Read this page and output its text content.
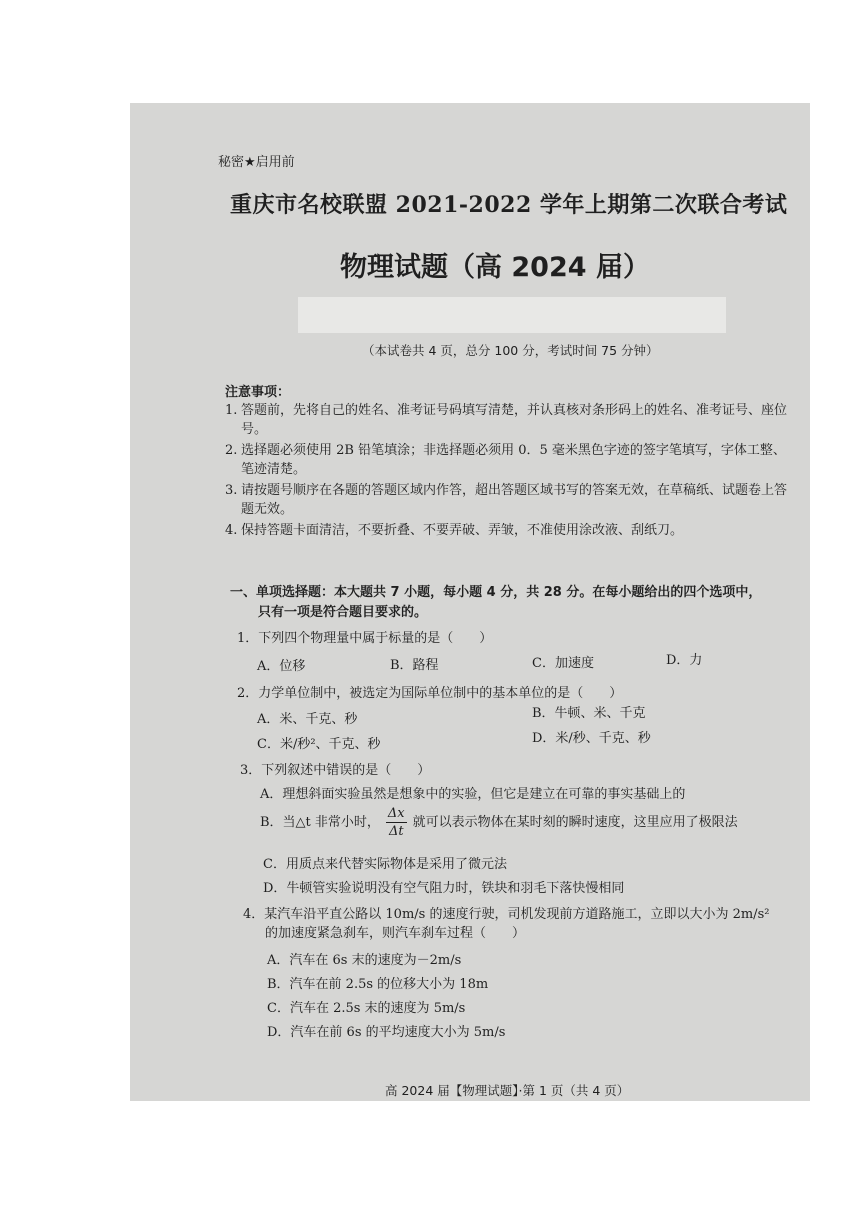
秘密★启用前
重庆市名校联盟 2021-2022 学年上期第二次联合考试
物理试题（高 2024 届）
（本试卷共 4 页，总分 100 分，考试时间 75 分钟）
注意事项：
1. 答题前，先将自己的姓名、准考证号码填写清楚，并认真核对条形码上的姓名、准考证号、座位号。
2. 选择题必须使用 2B 铅笔填涂；非选择题必须用 0．5 毫米黑色字迹的签字笔填写，字体工整、笔迹清楚。
3. 请按题号顺序在各题的答题区域内作答，超出答题区域书写的答案无效，在草稿纸、试题卷上答题无效。
4. 保持答题卡面清洁，不要折叠、不要弄破、弄皱，不准使用涂改液、刮纸刀。
一、单项选择题：本大题共 7 小题，每小题 4 分，共 28 分。在每小题给出的四个选项中，
只有一项是符合题目要求的。
1．下列四个物理量中属于标量的是（　　）
A．位移	B．路程	C．加速度	D．力
2．力学单位制中，被选定为国际单位制中的基本单位的是（　　）
A．米、千克、秒	B．牛顿、米、千克
C．米/秒²、千克、秒	D．米/秒、千克、秒
3．下列叙述中错误的是（　　）
A．理想斜面实验虽然是想象中的实验，但它是建立在可靠的事实基础上的
B．当△t 非常小时， $\frac{\Delta x}{\Delta t}$ 就可以表示物体在某时刻的瞬时速度，这里应用了极限法
C．用质点来代替实际物体是采用了微元法
D．牛顿管实验说明没有空气阻力时，铁块和羽毛下落快慢相同
4．某汽车沿平直公路以 10m/s 的速度行驶，司机发现前方道路施工，立即以大小为 2m/s²
的加速度紧急刹车，则汽车刹车过程（　　）
A．汽车在 6s 末的速度为－2m/s
B．汽车在前 2.5s 的位移大小为 18m
C．汽车在 2.5s 末的速度为 5m/s
D．汽车在前 6s 的平均速度大小为 5m/s
高 2024 届【物理试题】·第 1 页（共 4 页）
